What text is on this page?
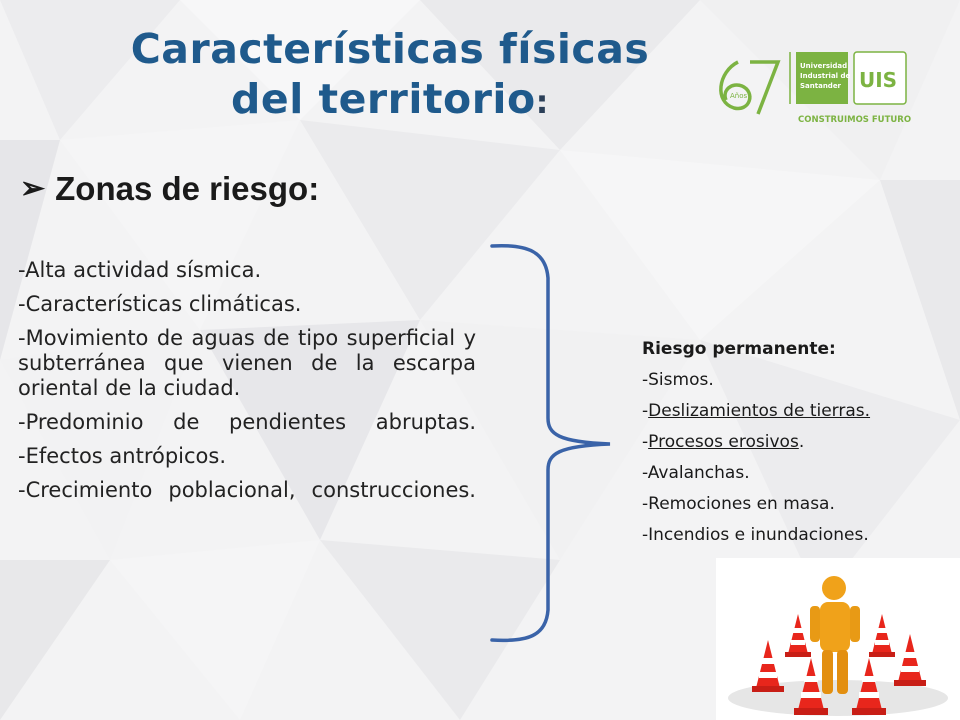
Características físicas
del territorio:
67
Años
Universidad
Industrial de
Santander UIS
CONSTRUIMOS FUTURO
➢ Zonas de riesgo:
-Alta actividad sísmica.
-Características climáticas.
-Movimiento de aguas de tipo superficial y subterránea que vienen de la escarpa oriental de la ciudad.
-Predominio de pendientes abruptas.
-Efectos antrópicos.
-Crecimiento poblacional, construcciones.
Riesgo permanente:
-Sismos.
-Deslizamientos de tierras.
-Procesos erosivos.
-Avalanchas.
-Remociones en masa.
-Incendios e inundaciones.
